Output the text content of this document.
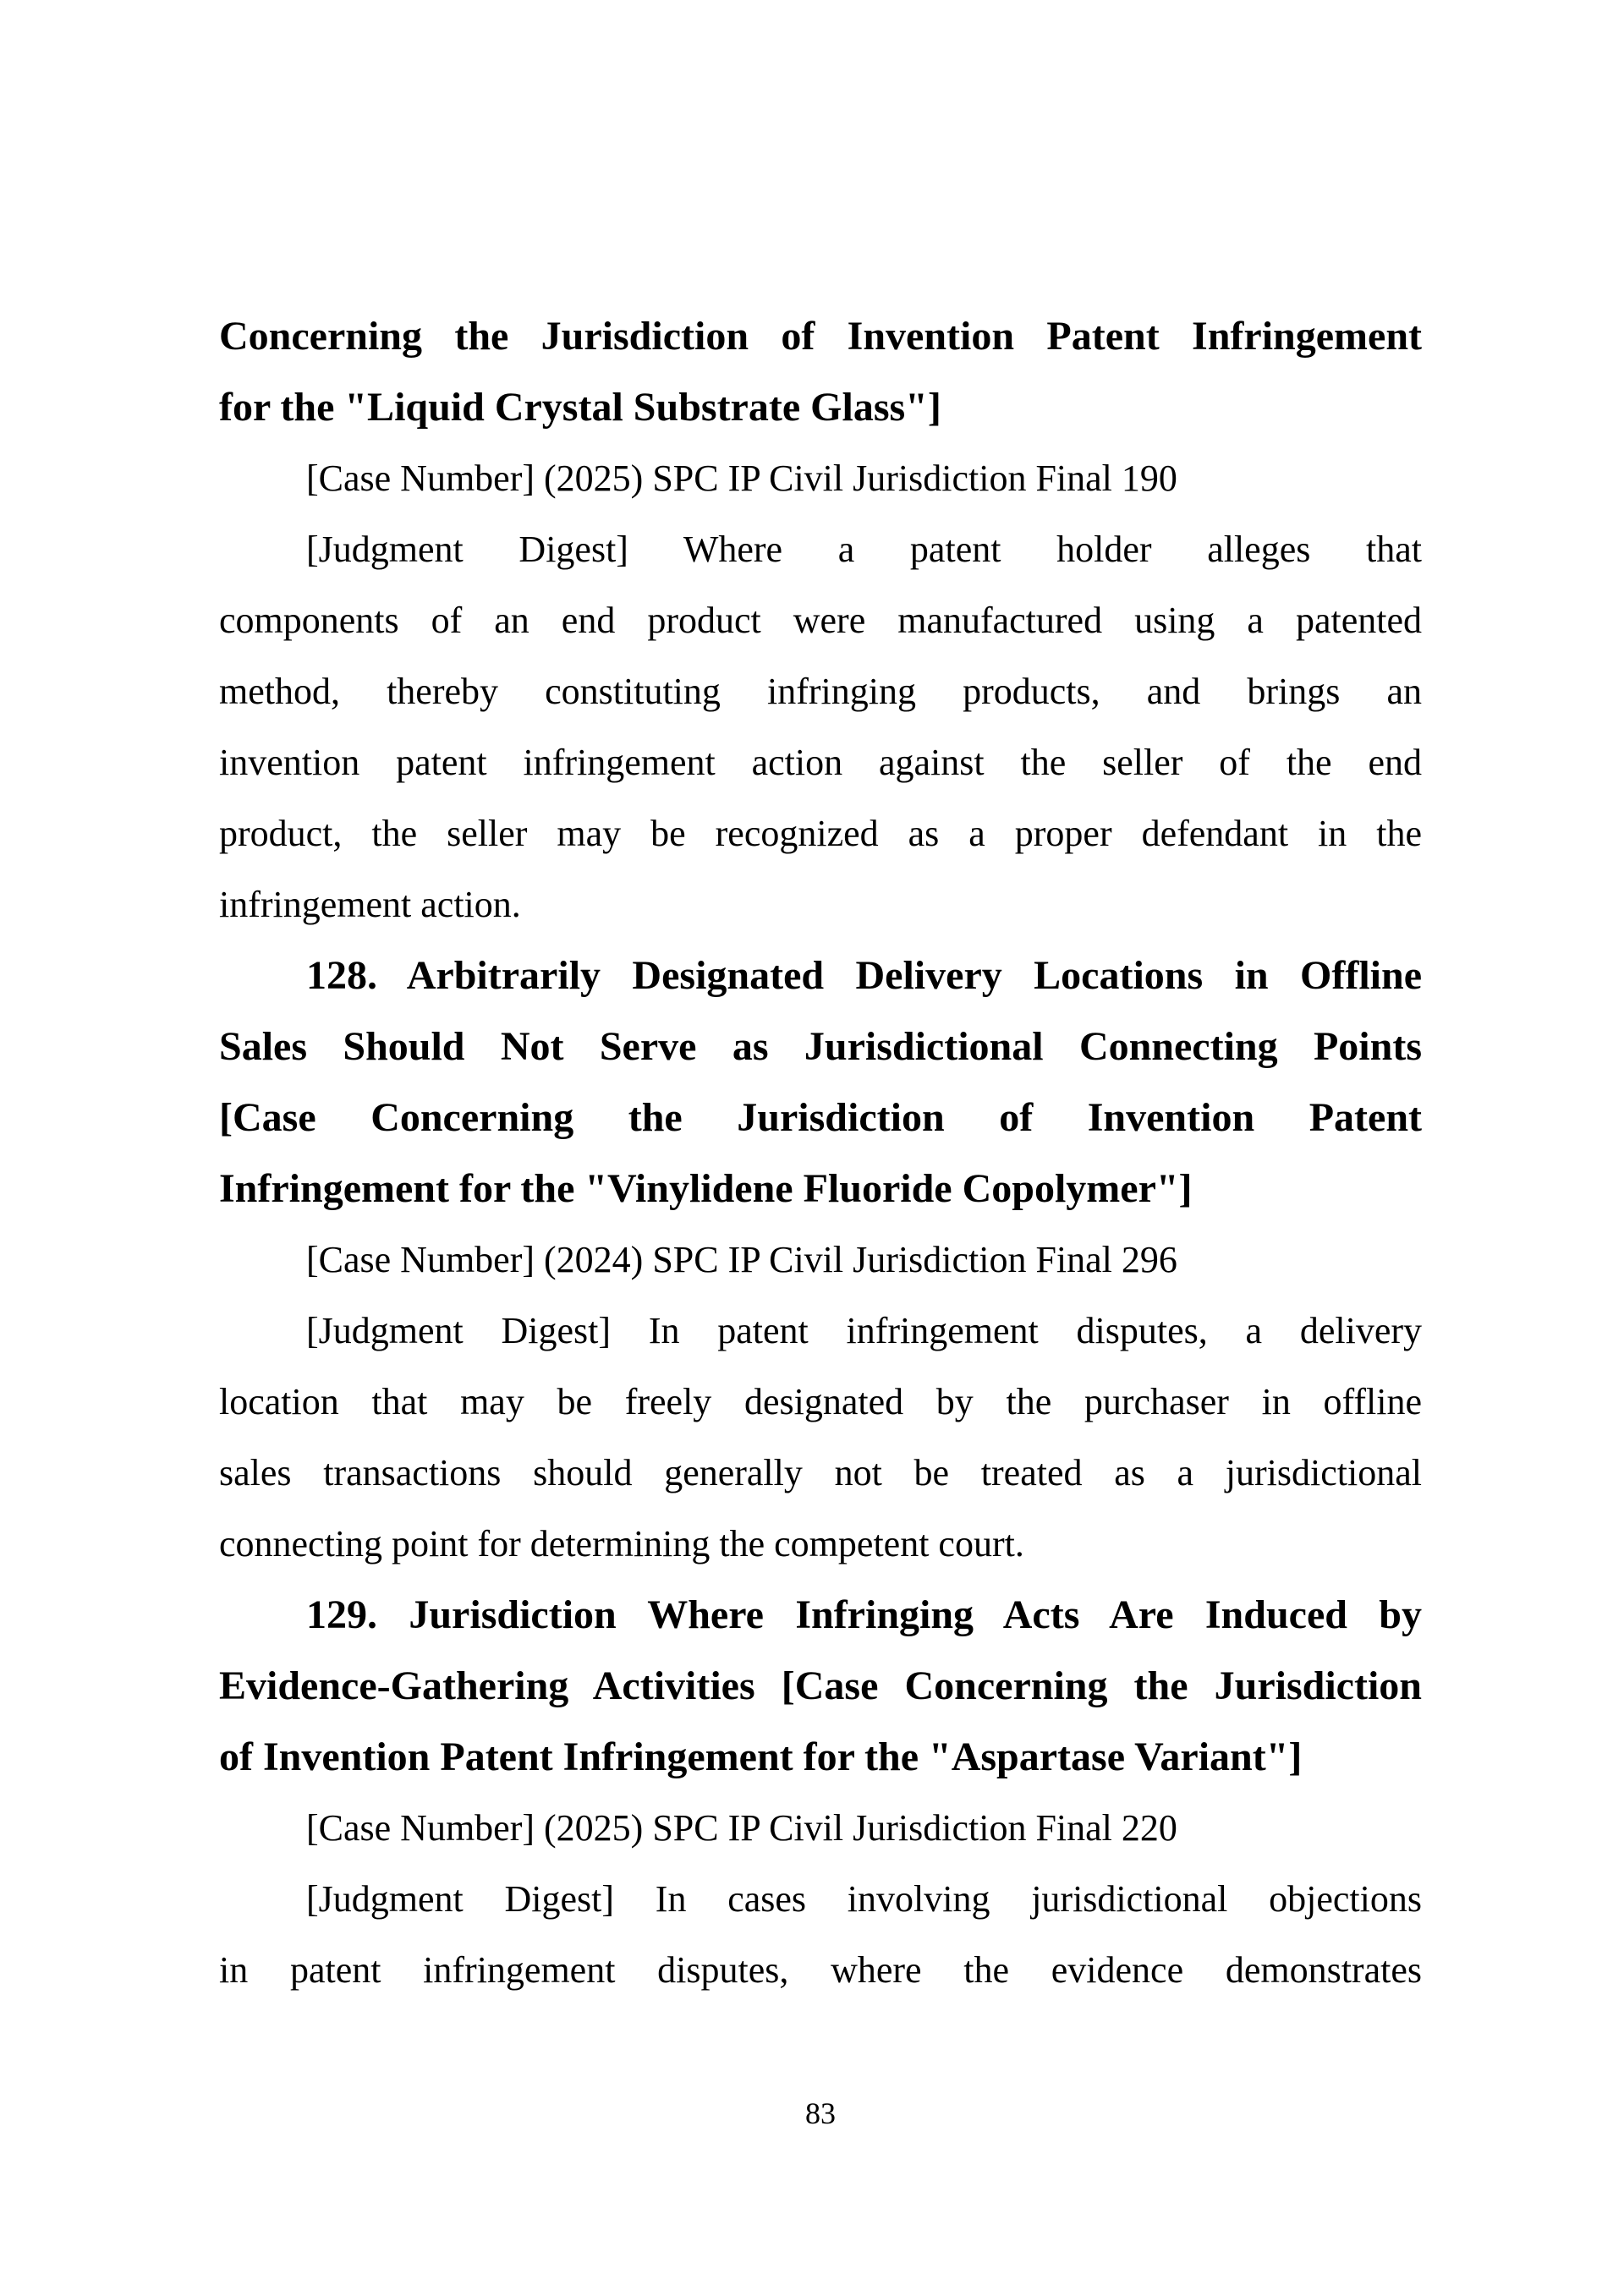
Concerning the Jurisdiction of Invention Patent Infringement
for the "Liquid Crystal Substrate Glass"]
[Case Number] (2025) SPC IP Civil Jurisdiction Final 190
[Judgment Digest] Where a patent holder alleges that
components of an end product were manufactured using a patented
method, thereby constituting infringing products, and brings an
invention patent infringement action against the seller of the end
product, the seller may be recognized as a proper defendant in the
infringement action.
128. Arbitrarily Designated Delivery Locations in Offline
Sales Should Not Serve as Jurisdictional Connecting Points
[Case Concerning the Jurisdiction of Invention Patent
Infringement for the "Vinylidene Fluoride Copolymer"]
[Case Number] (2024) SPC IP Civil Jurisdiction Final 296
[Judgment Digest] In patent infringement disputes, a delivery
location that may be freely designated by the purchaser in offline
sales transactions should generally not be treated as a jurisdictional
connecting point for determining the competent court.
129. Jurisdiction Where Infringing Acts Are Induced by
Evidence-Gathering Activities [Case Concerning the Jurisdiction
of Invention Patent Infringement for the "Aspartase Variant"]
[Case Number] (2025) SPC IP Civil Jurisdiction Final 220
[Judgment Digest] In cases involving jurisdictional objections
in patent infringement disputes, where the evidence demonstrates
83
